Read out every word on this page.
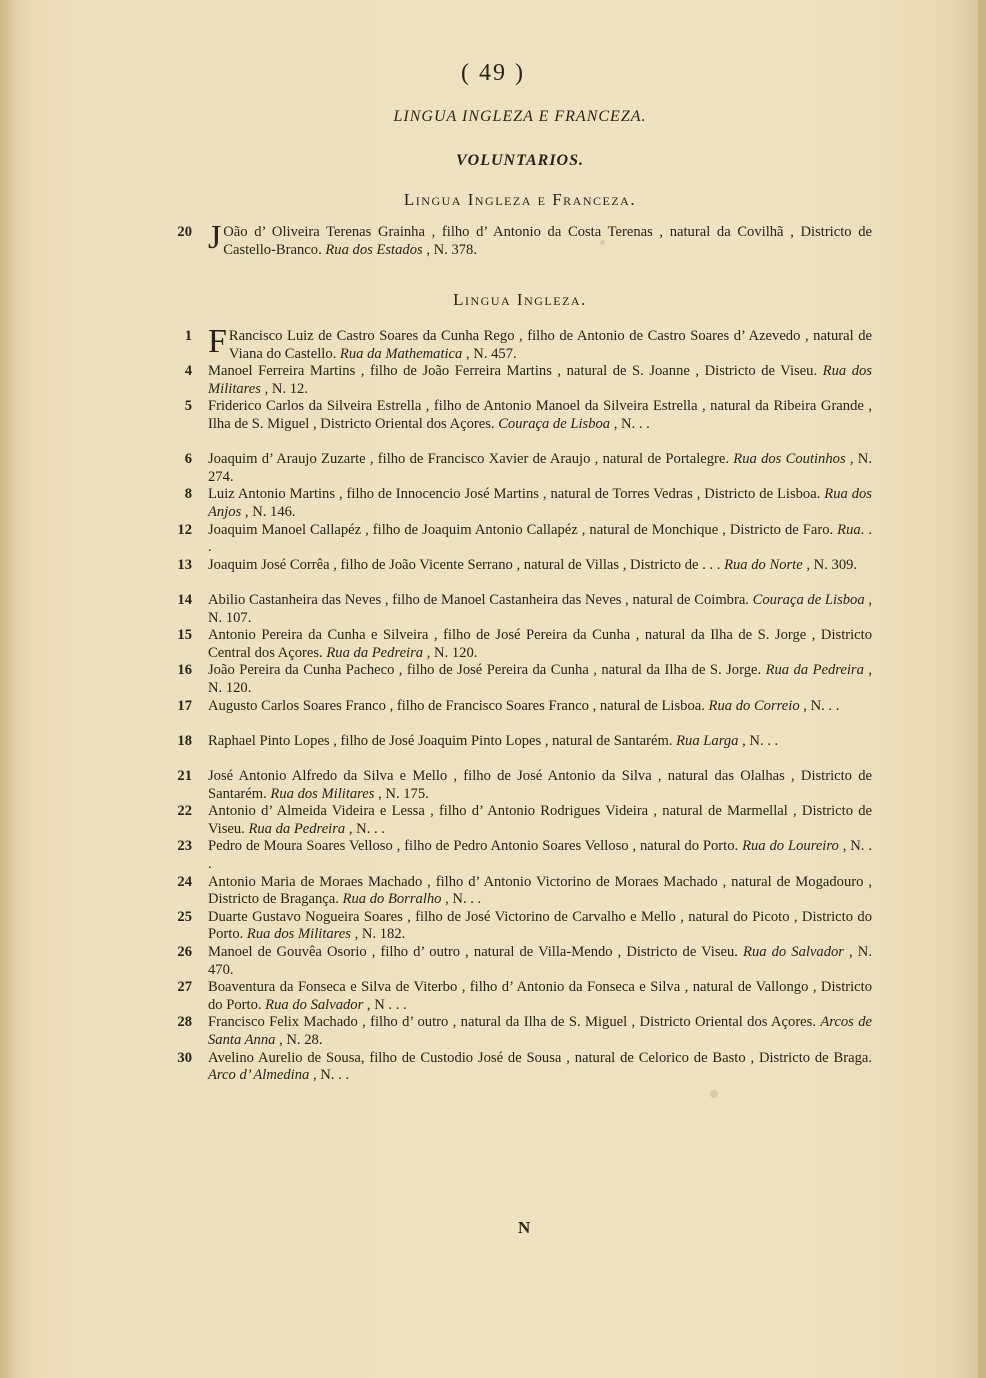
( 49 )
LINGUA INGLEZA E FRANCEZA.
VOLUNTARIOS.
Lingua Ingleza e Franceza.
Lingua Ingleza.
20 J Oão d’ Oliveira Terenas Grainha , filho d’ Antonio da Costa Terenas , natural da Covilhã , Districto de Castello-Branco. Rua dos Estados , N. 378.
1 F Rancisco Luiz de Castro Soares da Cunha Rego , filho de Antonio de Castro Soares d’ Azevedo , natural de Viana do Castello. Rua da Mathematica , N. 457.
4 Manoel Ferreira Martins , filho de João Ferreira Martins , natural de S. Joanne , Districto de Viseu. Rua dos Militares , N. 12.
5 Friderico Carlos da Silveira Estrella , filho de Antonio Manoel da Silveira Estrella , natural da Ribeira Grande , Ilha de S. Miguel , Districto Oriental dos Açores. Couraça de Lisboa , N. . .
6 Joaquim d’ Araujo Zuzarte , filho de Francisco Xavier de Araujo , natural de Portalegre. Rua dos Coutinhos , N. 274.
8 Luiz Antonio Martins , filho de Innocencio José Martins , natural de Torres Vedras , Districto de Lisboa. Rua dos Anjos , N. 146.
12 Joaquim Manoel Callapéz , filho de Joaquim Antonio Callapéz , natural de Monchique , Districto de Faro. Rua. . .
13 Joaquim José Corrêa , filho de João Vicente Serrano , natural de Villas , Districto de . . . Rua do Norte , N. 309.
14 Abilio Castanheira das Neves , filho de Manoel Castanheira das Neves , natural de Coimbra. Couraça de Lisboa , N. 107.
15 Antonio Pereira da Cunha e Silveira , filho de José Pereira da Cunha , natural da Ilha de S. Jorge , Districto Central dos Açores. Rua da Pedreira , N. 120.
16 João Pereira da Cunha Pacheco , filho de José Pereira da Cunha , natural da Ilha de S. Jorge. Rua da Pedreira , N. 120.
17 Augusto Carlos Soares Franco , filho de Francisco Soares Franco , natural de Lisboa. Rua do Correio , N. . .
18 Raphael Pinto Lopes , filho de José Joaquim Pinto Lopes , natural de Santarém. Rua Larga , N. . .
21 José Antonio Alfredo da Silva e Mello , filho de José Antonio da Silva , natural das Olalhas , Districto de Santarém. Rua dos Militares , N. 175.
22 Antonio d’ Almeida Videira e Lessa , filho d’ Antonio Rodrigues Videira , natural de Marmellal , Districto de Viseu. Rua da Pedreira , N. . .
23 Pedro de Moura Soares Velloso , filho de Pedro Antonio Soares Velloso , natural do Porto. Rua do Loureiro , N. . .
24 Antonio Maria de Moraes Machado , filho d’ Antonio Victorino de Moraes Machado , natural de Mogadouro , Districto de Bragança. Rua do Borralho , N. . .
25 Duarte Gustavo Nogueira Soares , filho de José Victorino de Carvalho e Mello , natural do Picoto , Districto do Porto. Rua dos Militares , N. 182.
26 Manoel de Gouvêa Osorio , filho d’ outro , natural de Villa-Mendo , Districto de Viseu. Rua do Salvador , N. 470.
27 Boaventura da Fonseca e Silva de Viterbo , filho d’ Antonio da Fonseca e Silva , natural de Vallongo , Districto do Porto. Rua do Salvador , N . . .
28 Francisco Felix Machado , filho d’ outro , natural da Ilha de S. Miguel , Districto Oriental dos Açores. Arcos de Santa Anna , N. 28.
30 Avelino Aurelio de Sousa, filho de Custodio José de Sousa , natural de Celorico de Basto , Districto de Braga. Arco d’ Almedina , N. . .
N
